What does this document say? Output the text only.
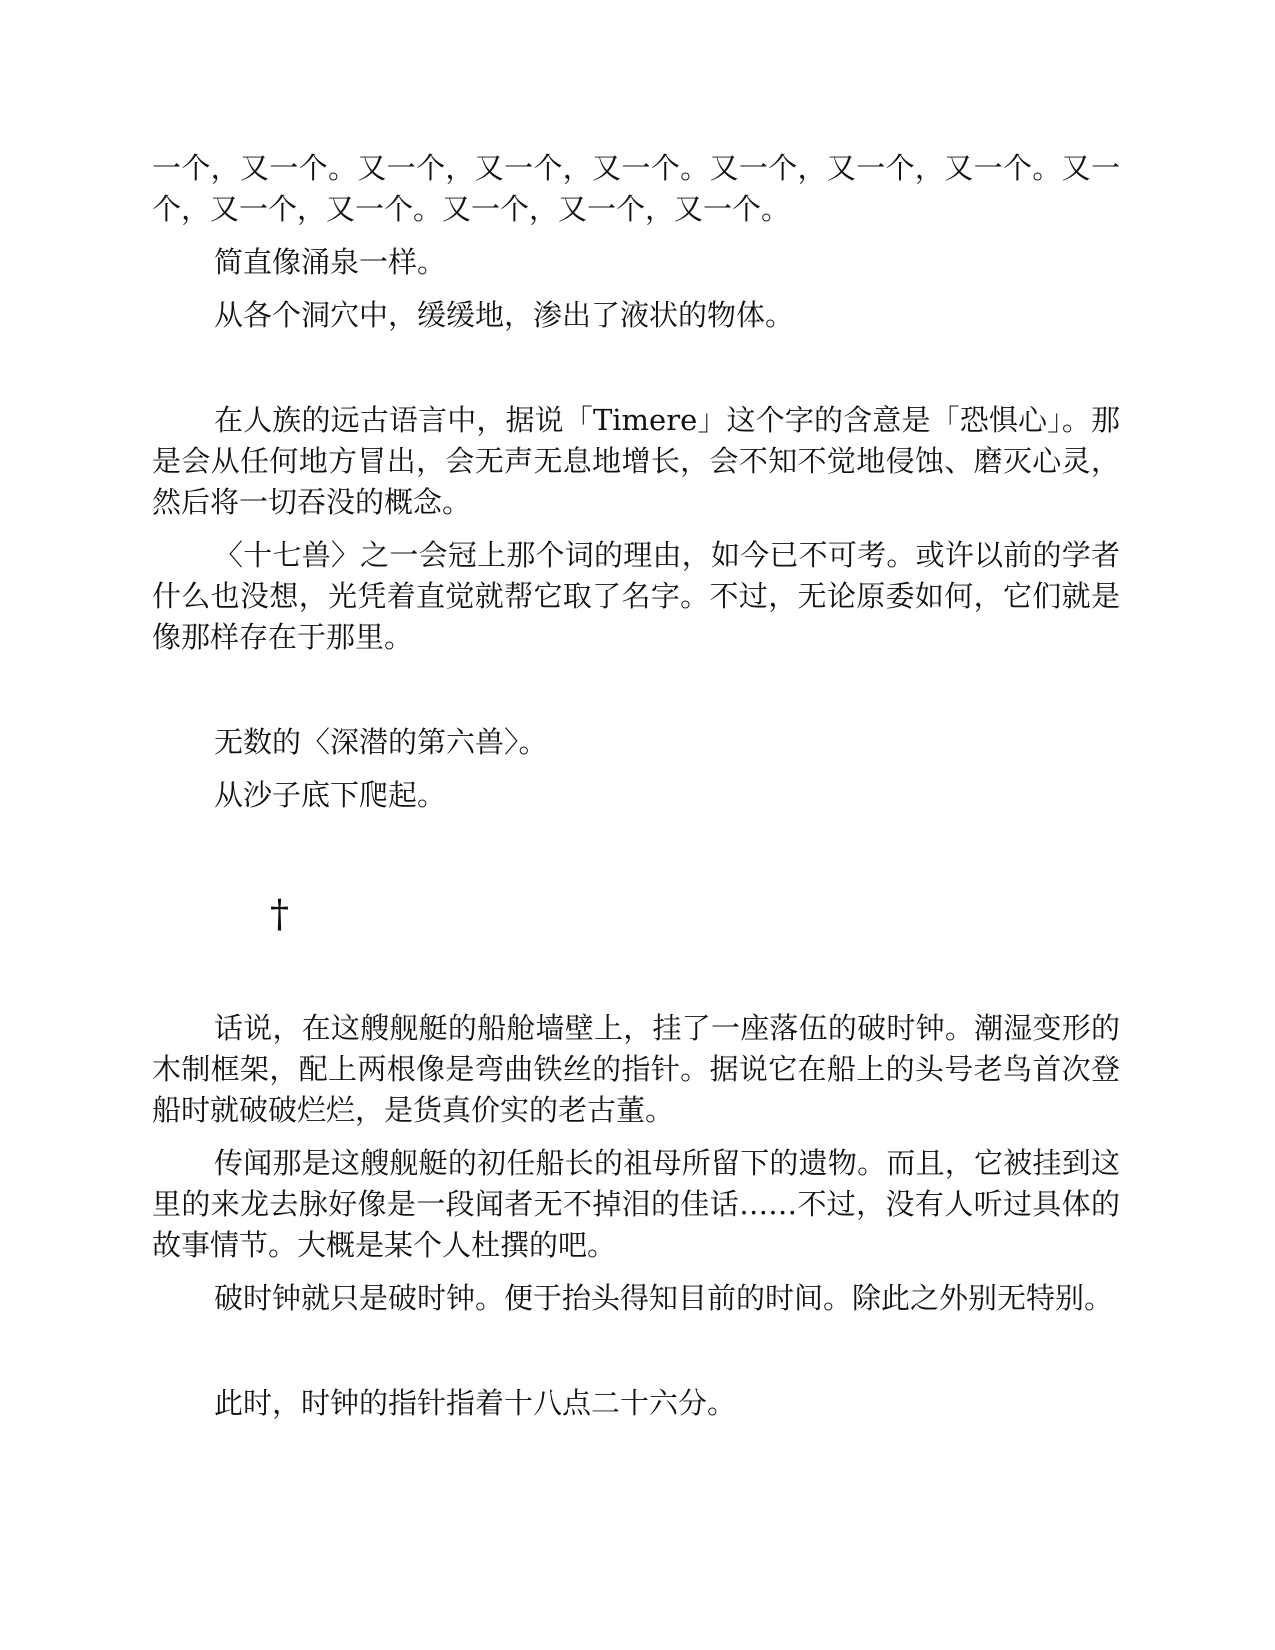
一个，又一个。又一个，又一个，又一个。又一个，又一个，又一个。又一个，又一个，又一个。又一个，又一个，又一个。

简直像涌泉一样。

从各个洞穴中，缓缓地，渗出了液状的物体。

在人族的远古语言中，据说「Timere」这个字的含意是「恐惧心」。那是会从任何地方冒出，会无声无息地增长，会不知不觉地侵蚀、磨灭心灵，然后将一切吞没的概念。

〈十七兽〉之一会冠上那个词的理由，如今已不可考。或许以前的学者什么也没想，光凭着直觉就帮它取了名字。不过，无论原委如何，它们就是像那样存在于那里。

无数的〈深潜的第六兽〉。

从沙子底下爬起。

†

话说，在这艘舰艇的船舱墙壁上，挂了一座落伍的破时钟。潮湿变形的木制框架，配上两根像是弯曲铁丝的指针。据说它在船上的头号老鸟首次登船时就破破烂烂，是货真价实的老古董。

传闻那是这艘舰艇的初任船长的祖母所留下的遗物。而且，它被挂到这里的来龙去脉好像是一段闻者无不掉泪的佳话……不过，没有人听过具体的故事情节。大概是某个人杜撰的吧。

破时钟就只是破时钟。便于抬头得知目前的时间。除此之外别无特别。

此时，时钟的指针指着十八点二十六分。
